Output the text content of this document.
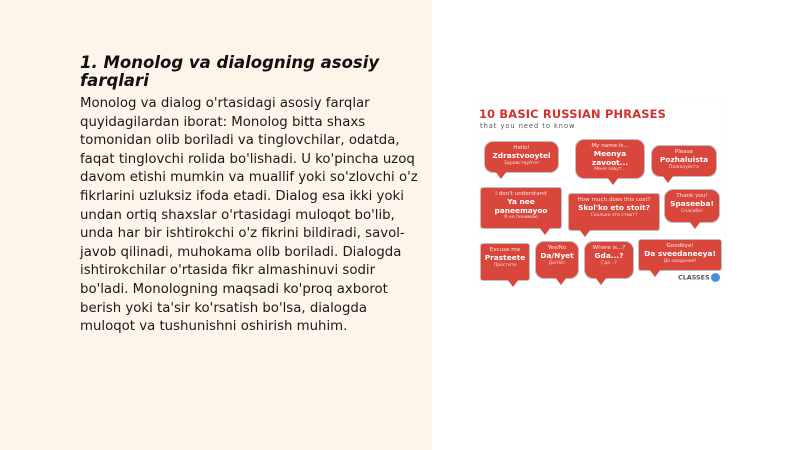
1. Monolog va dialogning asosiy farqlari

Monolog va dialog o'rtasidagi asosiy farqlar quyidagilardan iborat: Monolog bitta shaxs tomonidan olib boriladi va tinglovchilar, odatda, faqat tinglovchi rolida bo'lishadi. U ko'pincha uzoq davom etishi mumkin va muallif yoki so'zlovchi o'z fikrlarini uzluksiz ifoda etadi. Dialog esa ikki yoki undan ortiq shaxslar o'rtasidagi muloqot bo'lib, unda har bir ishtirokchi o'z fikrini bildiradi, savol-javob qilinadi, muhokama olib boriladi. Dialogda ishtirokchilar o'rtasida fikr almashinuvi sodir bo'ladi. Monologning maqsadi ko'proq axborot berish yoki ta'sir ko'rsatish bo'lsa, dialogda muloqot va tushunishni oshirish muhim.

10 BASIC RUSSIAN PHRASES
that you need to know
Hello!
Zdrastvooytel
Здравствуйте!
My name is...
Meenya zavoot...
Меня зовут...
Please
Pozhaluista
Пожалуйста
I don't understand
Ya nee paneemayoo
Я не понимаю
How much does this cost?
Skol'ko eto stoit?
Сколько это стоит?
Thank you!
Spaseeba!
Спасибо!
Excuse me
Prasteete
Простите
Yes/No
Da/Nyet
Да/Нет
Where is...?
Gda...?
Где...?
Goodbye!
Da sveedaneeya!
До свидания!
CLASSES
